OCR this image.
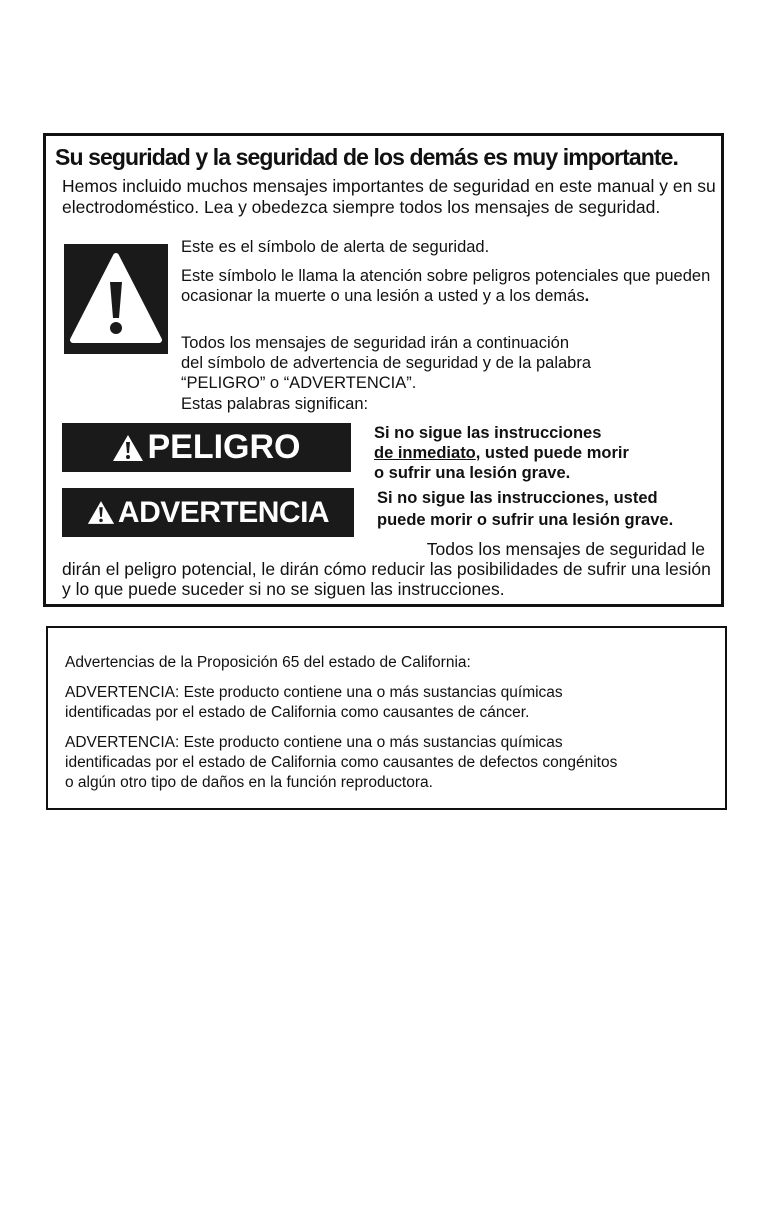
Su seguridad y la seguridad de los demás es muy importante.
Hemos incluido muchos mensajes importantes de seguridad en este manual y en su electrodoméstico. Lea y obedezca siempre todos los mensajes de seguridad.
Este es el símbolo de alerta de seguridad.
Este símbolo le llama la atención sobre peligros potenciales que pueden ocasionar la muerte o una lesión a usted y a los demás.
Todos los mensajes de seguridad irán a continuación
del símbolo de advertencia de seguridad y de la palabra
“PELIGRO” o “ADVERTENCIA”.
Estas palabras significan:
PELIGRO	Si no sigue las instrucciones
de inmediato, usted puede morir
o sufrir una lesión grave.
ADVERTENCIA	Si no sigue las instrucciones, usted
puede morir o sufrir una lesión grave.
Todos los mensajes de seguridad le
dirán el peligro potencial, le dirán cómo reducir las posibilidades de sufrir una lesión y lo que puede suceder si no se siguen las instrucciones.
Advertencias de la Proposición 65 del estado de California:
ADVERTENCIA: Este producto contiene una o más sustancias químicas
identificadas por el estado de California como causantes de cáncer.
ADVERTENCIA: Este producto contiene una o más sustancias químicas
identificadas por el estado de California como causantes de defectos congénitos
o algún otro tipo de daños en la función reproductora.
